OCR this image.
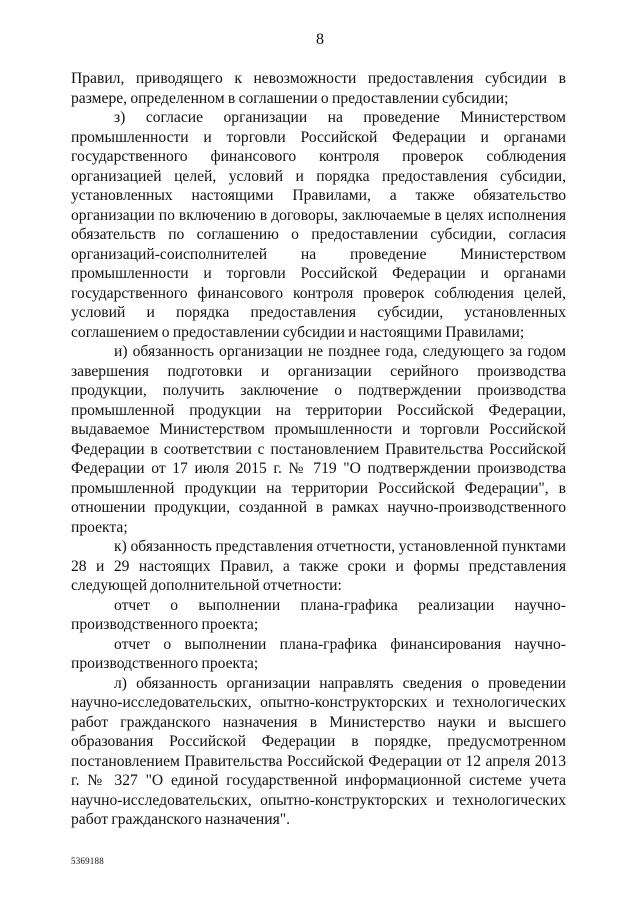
8

Правил, приводящего к невозможности предоставления субсидии в размере, определенном в соглашении о предоставлении субсидии;

з) согласие организации на проведение Министерством промышленности и торговли Российской Федерации и органами государственного финансового контроля проверок соблюдения организацией целей, условий и порядка предоставления субсидии, установленных настоящими Правилами, а также обязательство организации по включению в договоры, заключаемые в целях исполнения обязательств по соглашению о предоставлении субсидии, согласия организаций-соисполнителей на проведение Министерством промышленности и торговли Российской Федерации и органами государственного финансового контроля проверок соблюдения целей, условий и порядка предоставления субсидии, установленных соглашением о предоставлении субсидии и настоящими Правилами;

и) обязанность организации не позднее года, следующего за годом завершения подготовки и организации серийного производства продукции, получить заключение о подтверждении производства промышленной продукции на территории Российской Федерации, выдаваемое Министерством промышленности и торговли Российской Федерации в соответствии с постановлением Правительства Российской Федерации от 17 июля 2015 г. № 719 "О подтверждении производства промышленной продукции на территории Российской Федерации", в отношении продукции, созданной в рамках научно-производственного проекта;

к) обязанность представления отчетности, установленной пунктами 28 и 29 настоящих Правил, а также сроки и формы представления следующей дополнительной отчетности:

отчет о выполнении плана-графика реализации научно-производственного проекта;

отчет о выполнении плана-графика финансирования научно-производственного проекта;

л) обязанность организации направлять сведения о проведении научно-исследовательских, опытно-конструкторских и технологических работ гражданского назначения в Министерство науки и высшего образования Российской Федерации в порядке, предусмотренном постановлением Правительства Российской Федерации от 12 апреля 2013 г. № 327 "О единой государственной информационной системе учета научно-исследовательских, опытно-конструкторских и технологических работ гражданского назначения".

5369188
